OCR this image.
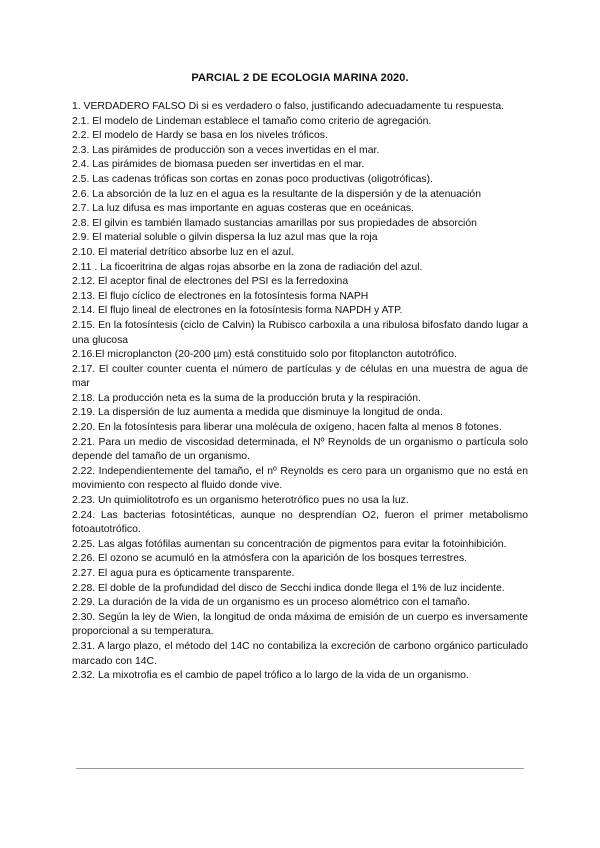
PARCIAL 2 DE ECOLOGIA MARINA 2020.

1. VERDADERO FALSO Di si es verdadero o falso, justificando adecuadamente tu respuesta.

2.1. El modelo de Lindeman establece el tamaño como criterio de agregación.

2.2. El modelo de Hardy se basa en los niveles tróficos.

2.3. Las pirámides de producción son a veces invertidas en el mar.

2.4. Las pirámides de biomasa pueden ser invertidas en el mar.

2.5. Las cadenas tróficas son cortas en zonas poco productivas (oligotróficas).

2.6. La absorción de la luz en el agua es la resultante de la dispersión y de la atenuación

2.7. La luz difusa es mas importante en aguas costeras que en oceánicas.

2.8. El gilvin es también llamado sustancias amarillas por sus propiedades de absorción

2.9. El material soluble o gilvin dispersa la luz azul mas que la roja

2.10. El material detrítico absorbe luz en el azul.

2.11 . La ficoeritrina de algas rojas absorbe en la zona de radiación del azul.

2.12. El aceptor final de electrones del PSI es la ferredoxina

2.13. El flujo cíclico de electrones en la fotosíntesis forma NAPH

2.14. El flujo lineal de electrones en la fotosíntesis forma NAPDH y ATP.

2.15. En la fotosíntesis (ciclo de Calvin) la Rubisco carboxila a una ribulosa bifosfato dando lugar a una glucosa

2.16.El microplancton (20-200 µm) está constituido solo por fitoplancton autotrófico.

2.17. El coulter counter cuenta el número de partículas y de células en una muestra de agua de mar

2.18. La producción neta es la suma de la producción bruta y la respiración.

2.19. La dispersión de luz aumenta a medida que disminuye la longitud de onda.

2.20. En la fotosíntesis para liberar una molécula de oxígeno, hacen falta al menos 8 fotones.

2.21. Para un medio de viscosidad determinada, el Nº Reynolds de un organismo o partícula solo depende del tamaño de un organismo.

2.22. Independientemente del tamaño, el nº Reynolds es cero para un organismo que no está en movimiento con respecto al fluido donde vive.

2.23. Un quimiolitotrofo es un organismo heterotrófico pues no usa la luz.

2.24. Las bacterias fotosintéticas, aunque no desprendían O2, fueron el primer metabolismo fotoautotrófico.

2.25. Las algas fotófilas aumentan su concentración de pigmentos para evitar la fotoinhibición.

2.26. El ozono se acumuló en la atmósfera con la aparición de los bosques terrestres.

2.27. El agua pura es ópticamente transparente.

2.28. El doble de la profundidad del disco de Secchi indica donde llega el 1% de luz incidente.

2.29. La duración de la vida de un organismo es un proceso alométrico con el tamaño.

2.30. Según la ley de Wien, la longitud de onda máxima de emisión de un cuerpo es inversamente proporcional a su temperatura.

2.31. A largo plazo, el método del 14C no contabiliza la excreción de carbono orgánico particulado marcado con 14C.

2.32. La mixotrofia es el cambio de papel trófico a lo largo de la vida de un organismo.
